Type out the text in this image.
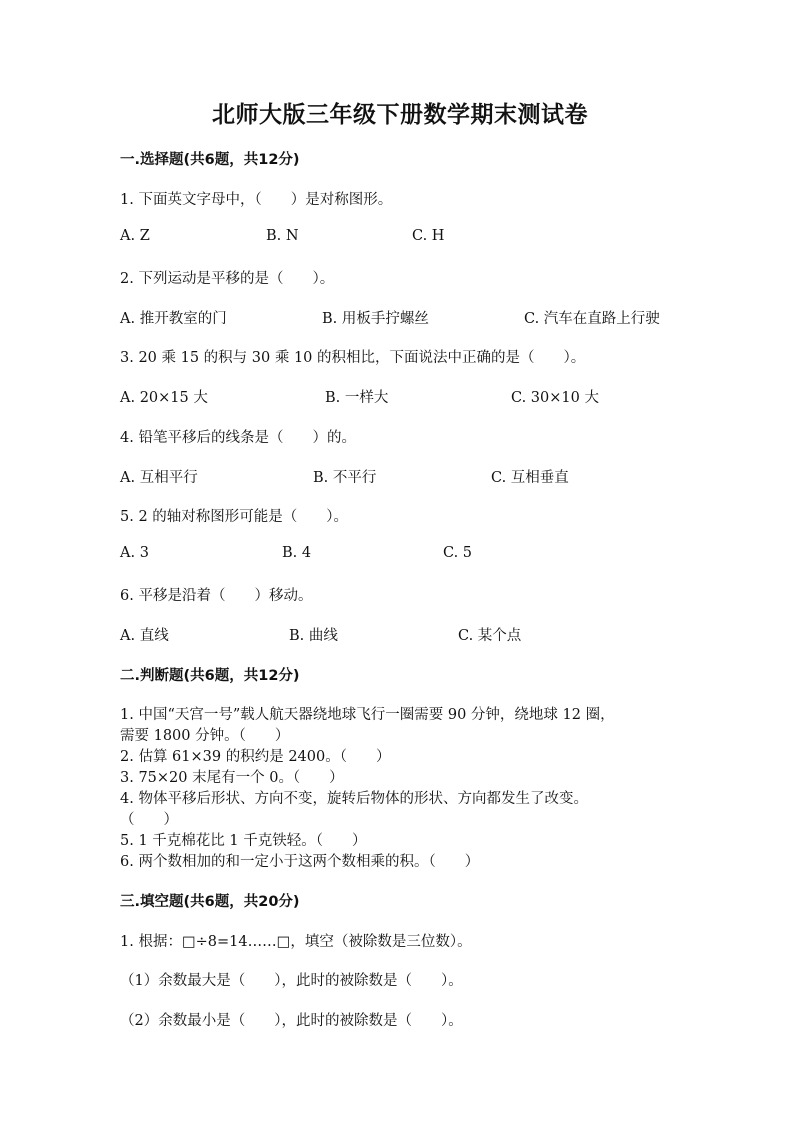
北师大版三年级下册数学期末测试卷
一.选择题(共6题，共12分)
1. 下面英文字母中，（　　）是对称图形。
A. Z	B. N	C. H
2. 下列运动是平移的是（　　）。
A. 推开教室的门	B. 用板手拧螺丝	C. 汽车在直路上行驶
3. 20 乘 15 的积与 30 乘 10 的积相比，下面说法中正确的是（　　）。
A. 20×15 大	B. 一样大	C. 30×10 大
4. 铅笔平移后的线条是（　　）的。
A. 互相平行	B. 不平行	C. 互相垂直
5. 2 的轴对称图形可能是（　　）。
A. 3	B. 4	C. 5
6. 平移是沿着（　　）移动。
A. 直线	B. 曲线	C. 某个点
二.判断题(共6题，共12分)
1. 中国“天宫一号”载人航天器绕地球飞行一圈需要 90 分钟，绕地球 12 圈，
需要 1800 分钟。（　　）
2. 估算 61×39 的积约是 2400。（　　）
3. 75×20 末尾有一个 0。（　　）
4. 物体平移后形状、方向不变，旋转后物体的形状、方向都发生了改变。
（　　）
5. 1 千克棉花比 1 千克铁轻。（　　）
6. 两个数相加的和一定小于这两个数相乘的积。（　　）
三.填空题(共6题，共20分)
1. 根据：□÷8=14……□，填空（被除数是三位数）。
（1）余数最大是（　　），此时的被除数是（　　）。
（2）余数最小是（　　），此时的被除数是（　　）。
